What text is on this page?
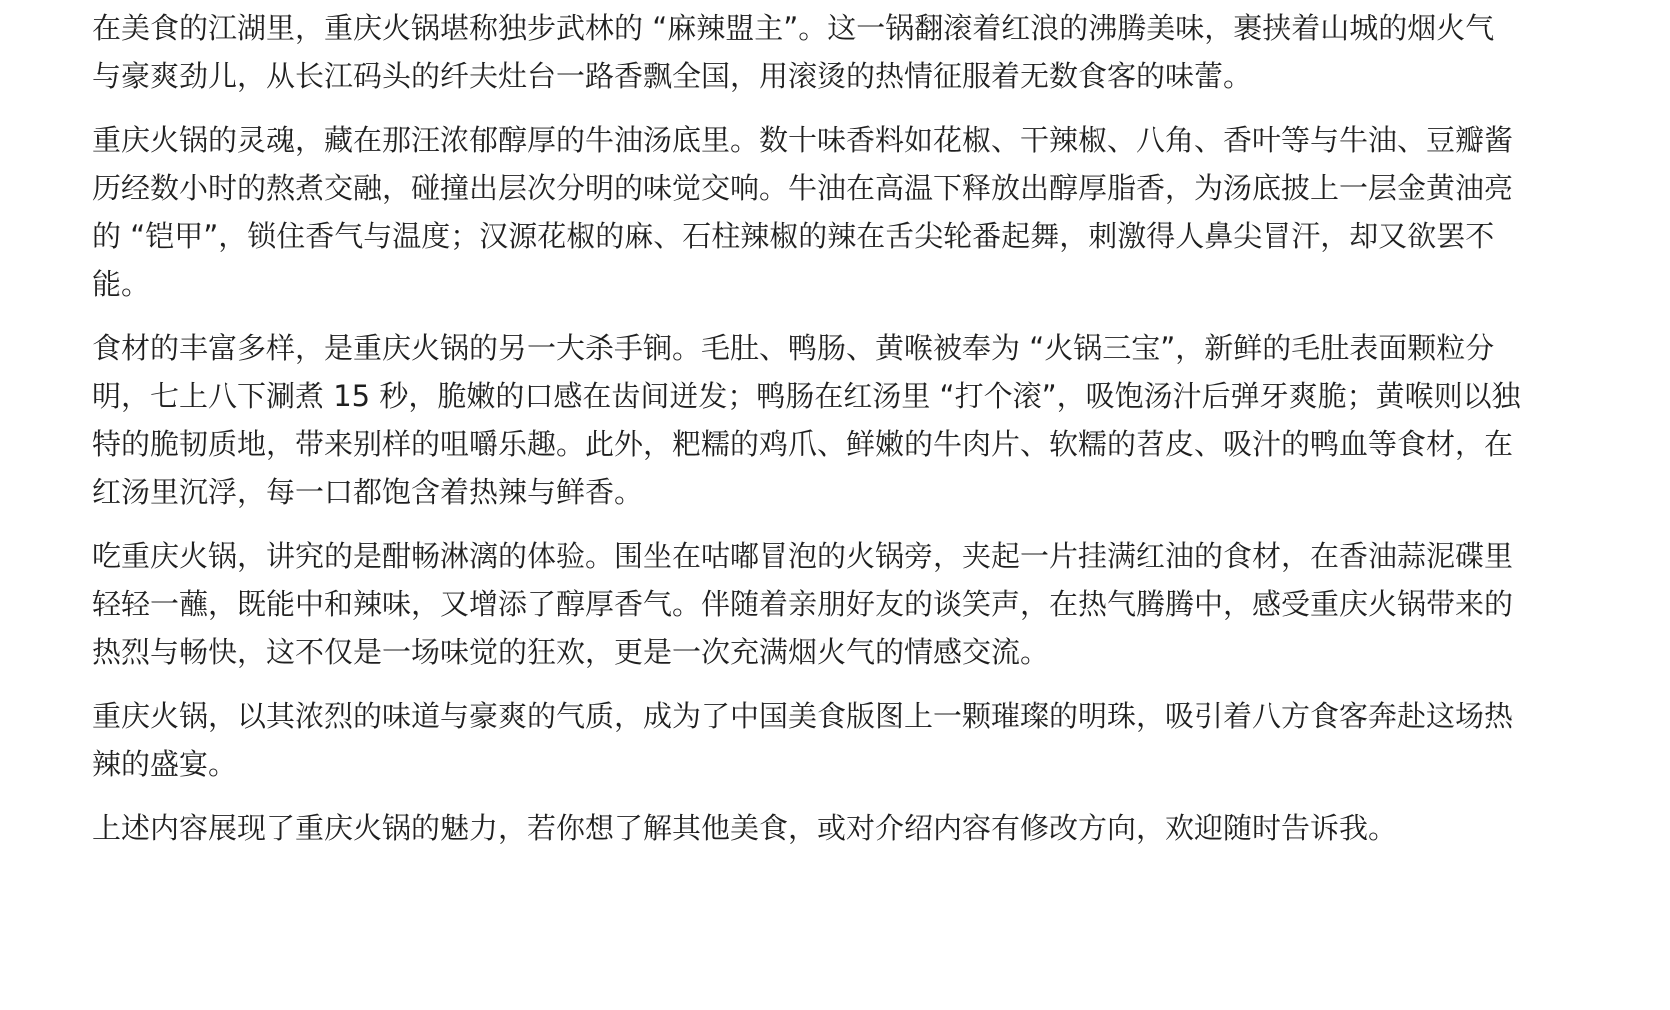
在美食的江湖里，重庆火锅堪称独步武林的 “麻辣盟主”。这一锅翻滚着红浪的沸腾美味，裹挟着山城的烟火气与豪爽劲儿，从长江码头的纤夫灶台一路香飘全国，用滚烫的热情征服着无数食客的味蕾。

重庆火锅的灵魂，藏在那汪浓郁醇厚的牛油汤底里。数十味香料如花椒、干辣椒、八角、香叶等与牛油、豆瓣酱历经数小时的熬煮交融，碰撞出层次分明的味觉交响。牛油在高温下释放出醇厚脂香，为汤底披上一层金黄油亮的 “铠甲”，锁住香气与温度；汉源花椒的麻、石柱辣椒的辣在舌尖轮番起舞，刺激得人鼻尖冒汗，却又欲罢不能。

食材的丰富多样，是重庆火锅的另一大杀手锏。毛肚、鸭肠、黄喉被奉为 “火锅三宝”，新鲜的毛肚表面颗粒分明，七上八下涮煮 15 秒，脆嫩的口感在齿间迸发；鸭肠在红汤里 “打个滚”，吸饱汤汁后弹牙爽脆；黄喉则以独特的脆韧质地，带来别样的咀嚼乐趣。此外，粑糯的鸡爪、鲜嫩的牛肉片、软糯的苕皮、吸汁的鸭血等食材，在红汤里沉浮，每一口都饱含着热辣与鲜香。

吃重庆火锅，讲究的是酣畅淋漓的体验。围坐在咕嘟冒泡的火锅旁，夹起一片挂满红油的食材，在香油蒜泥碟里轻轻一蘸，既能中和辣味，又增添了醇厚香气。伴随着亲朋好友的谈笑声，在热气腾腾中，感受重庆火锅带来的热烈与畅快，这不仅是一场味觉的狂欢，更是一次充满烟火气的情感交流。

重庆火锅，以其浓烈的味道与豪爽的气质，成为了中国美食版图上一颗璀璨的明珠，吸引着八方食客奔赴这场热辣的盛宴。

上述内容展现了重庆火锅的魅力，若你想了解其他美食，或对介绍内容有修改方向，欢迎随时告诉我。
